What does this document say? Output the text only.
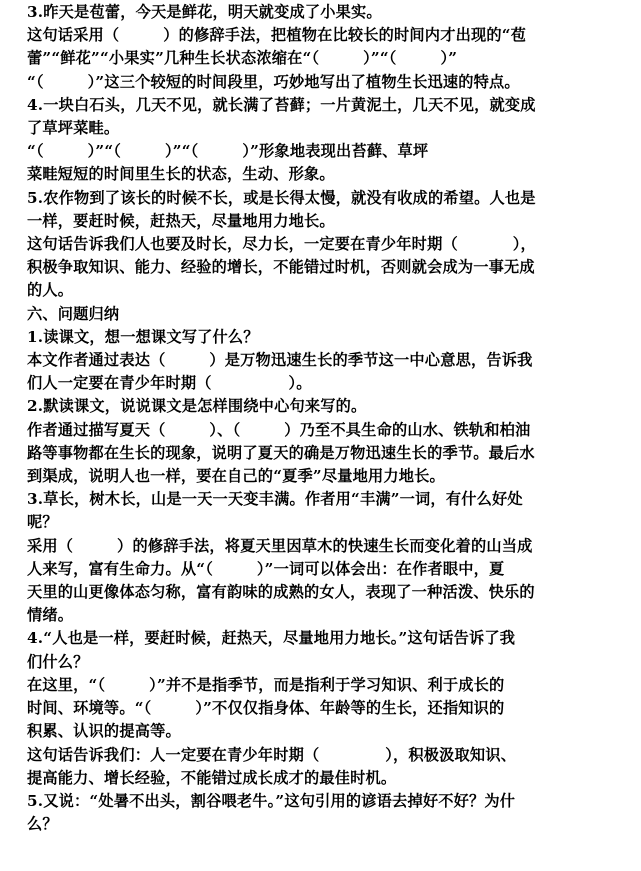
3.昨天是苞蕾，今天是鲜花，明天就变成了小果实。

这句话采用（        ）的修辞手法，把植物在比较长的时间内才出现的“苞

蕾”“鲜花”“小果实”几种生长状态浓缩在“（        ）”“（        ）”

“（        ）”这三个较短的时间段里，巧妙地写出了植物生长迅速的特点。

4.一块白石头，几天不见，就长满了苔藓；一片黄泥土，几天不见，就变成

了草坪菜畦。

“（        ）”“（        ）”“（        ）”形象地表现出苔藓、草坪

菜畦短短的时间里生长的状态，生动、形象。

5.农作物到了该长的时候不长，或是长得太慢，就没有收成的希望。人也是

一样，要赶时候，赶热天，尽量地用力地长。

这句话告诉我们人也要及时长，尽力长，一定要在青少年时期（          ），

积极争取知识、能力、经验的增长，不能错过时机，否则就会成为一事无成

的人。

六、问题归纳

1.读课文，想一想课文写了什么？

本文作者通过表达（        ）是万物迅速生长的季节这一中心意思，告诉我

们人一定要在青少年时期（              ）。

2.默读课文，说说课文是怎样围绕中心句来写的。

作者通过描写夏天（        ）、（        ）乃至不具生命的山水、铁轨和柏油

路等事物都在生长的现象，说明了夏天的确是万物迅速生长的季节。最后水

到渠成，说明人也一样，要在自己的“夏季”尽量地用力地长。

3.草长，树木长，山是一天一天变丰满。作者用“丰满”一词，有什么好处

呢？

采用（        ）的修辞手法，将夏天里因草木的快速生长而变化着的山当成

人来写，富有生命力。从“（        ）”一词可以体会出：在作者眼中，夏

天里的山更像体态匀称，富有韵味的成熟的女人，表现了一种活泼、快乐的

情绪。

4.“人也是一样，要赶时候，赶热天，尽量地用力地长。”这句话告诉了我

们什么？

在这里，“（        ）”并不是指季节，而是指利于学习知识、利于成长的

时间、环境等。“（        ）”不仅仅指身体、年龄等的生长，还指知识的

积累、认识的提高等。

这句话告诉我们：人一定要在青少年时期（            ），积极汲取知识、

提高能力、增长经验，不能错过成长成才的最佳时机。

5.又说：“处暑不出头，割谷喂老牛。”这句引用的谚语去掉好不好？为什

么？
